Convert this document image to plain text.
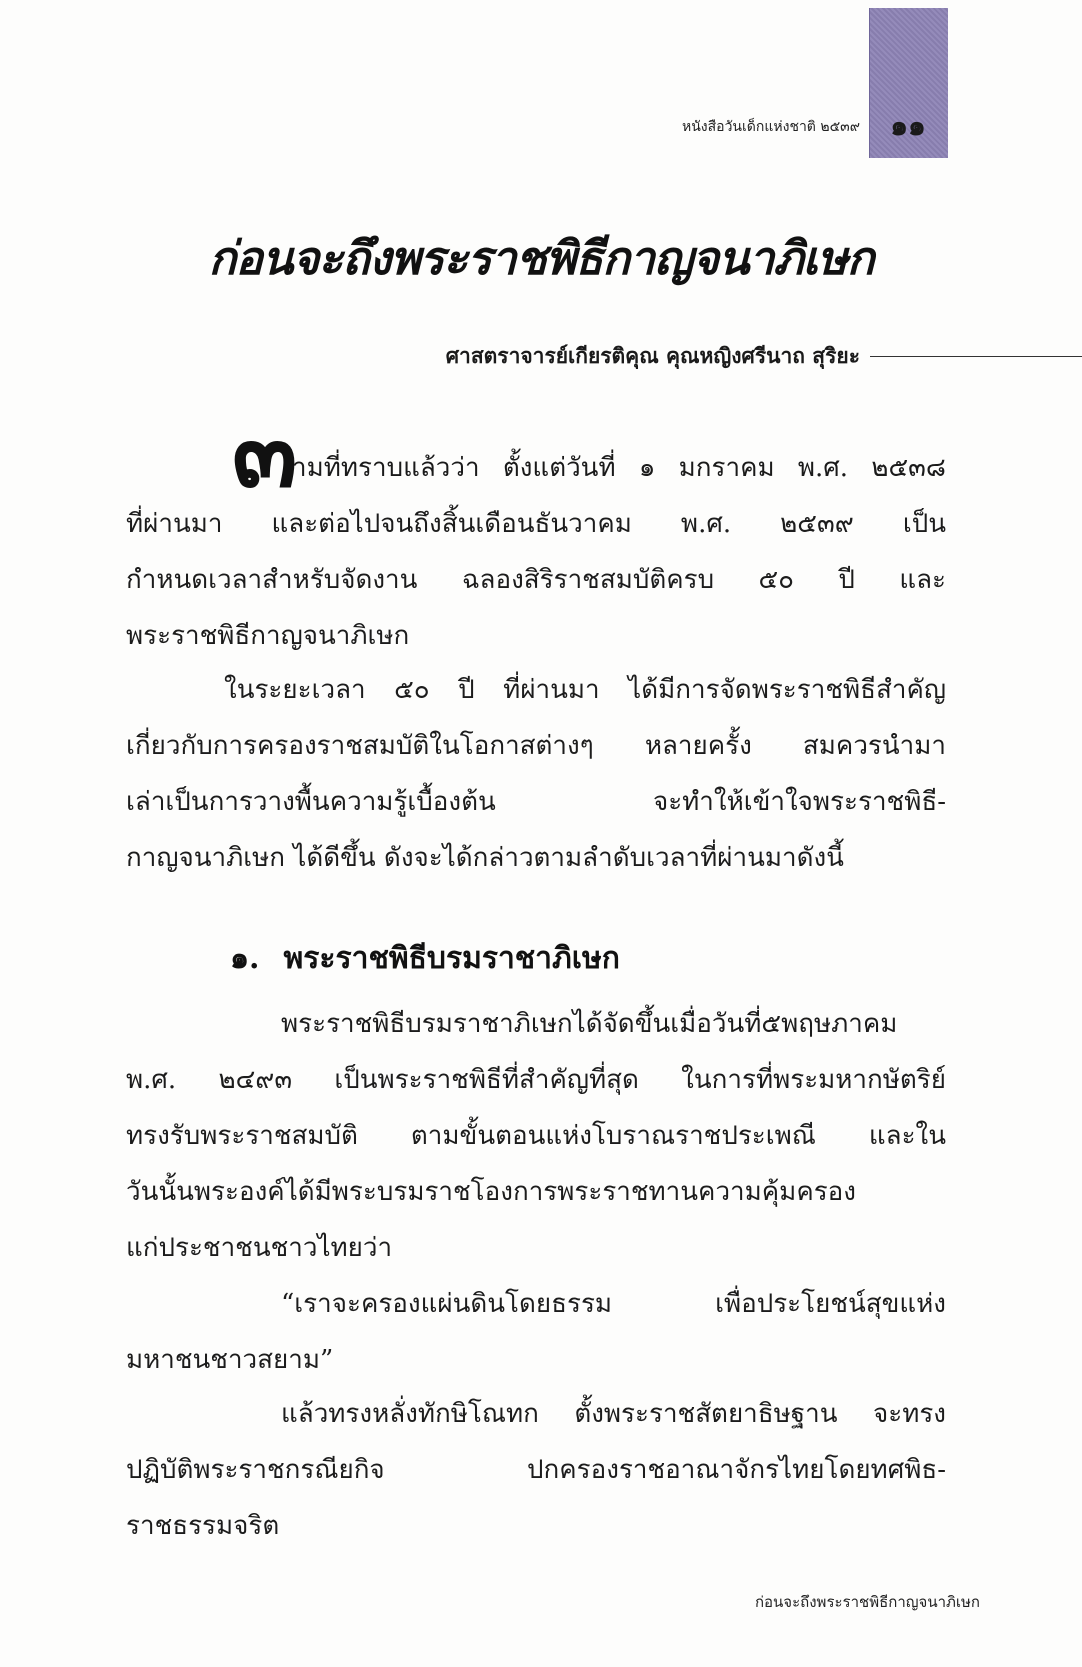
๑๑
หนังสือวันเด็กแห่งชาติ ๒๕๓๙
ก่อนจะถึงพระราชพิธีกาญจนาภิเษก
ศาสตราจารย์เกียรติคุณ คุณหญิงศรีนาถ สุริยะ
๓
ามที่ทราบแล้วว่า ตั้งแต่วันที่ ๑ มกราคม พ.ศ. ๒๕๓๘
ที่ผ่านมา และต่อไปจนถึงสิ้นเดือนธันวาคม พ.ศ. ๒๕๓๙ เป็น
กำหนดเวลาสำหรับจัดงาน ฉลองสิริราชสมบัติครบ ๕๐ ปี และ
พระราชพิธีกาญจนาภิเษก
ในระยะเวลา ๕๐ ปี ที่ผ่านมา ได้มีการจัดพระราชพิธีสำคัญ
เกี่ยวกับการครองราชสมบัติในโอกาสต่างๆ หลายครั้ง สมควรนำมา
เล่าเป็นการวางพื้นความรู้เบื้องต้น จะทำให้เข้าใจพระราชพิธี-
กาญจนาภิเษก ได้ดีขึ้น ดังจะได้กล่าวตามลำดับเวลาที่ผ่านมาดังนี้
๑. พระราชพิธีบรมราชาภิเษก
พระราชพิธีบรมราชาภิเษกได้จัดขึ้นเมื่อวันที่๕พฤษภาคม
พ.ศ. ๒๔๙๓ เป็นพระราชพิธีที่สำคัญที่สุด ในการที่พระมหากษัตริย์
ทรงรับพระราชสมบัติ ตามขั้นตอนแห่งโบราณราชประเพณี และใน
วันนั้นพระองค์ได้มีพระบรมราชโองการพระราชทานความคุ้มครอง
แก่ประชาชนชาวไทยว่า
“เราจะครองแผ่นดินโดยธรรม เพื่อประโยชน์สุขแห่ง
มหาชนชาวสยาม”
แล้วทรงหลั่งทักษิโณทก ตั้งพระราชสัตยาธิษฐาน จะทรง
ปฏิบัติพระราชกรณียกิจ ปกครองราชอาณาจักรไทยโดยทศพิธ-
ราชธรรมจริต
ก่อนจะถึงพระราชพิธีกาญจนาภิเษก
